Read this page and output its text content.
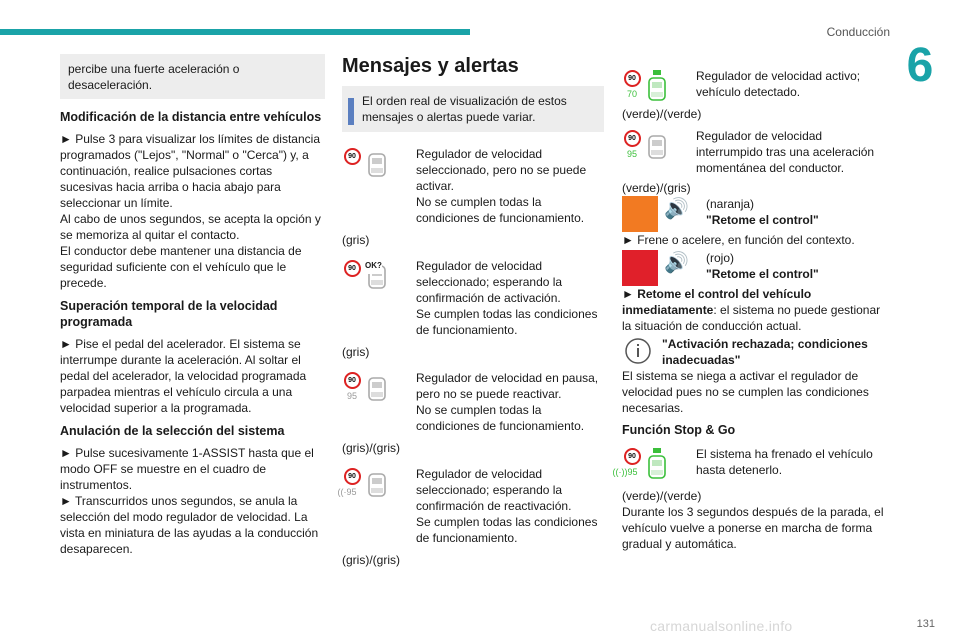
Conducción
6
percibe una fuerte aceleración o desaceleración.
Modificación de la distancia entre vehículos
► Pulse 3 para visualizar los límites de distancia programados ("Lejos", "Normal" o "Cerca") y, a continuación, realice pulsaciones cortas sucesivas hacia arriba o hacia abajo para seleccionar un límite.
Al cabo de unos segundos, se acepta la opción y se memoriza al quitar el contacto.
El conductor debe mantener una distancia de seguridad suficiente con el vehículo que le precede.
Superación temporal de la velocidad programada
► Pise el pedal del acelerador. El sistema se interrumpe durante la aceleración. Al soltar el pedal del acelerador, la velocidad programada parpadea mientras el vehículo circula a una velocidad superior a la programada.
Anulación de la selección del sistema
► Pulse sucesivamente 1-ASSIST hasta que el modo OFF se muestre en el cuadro de instrumentos.
► Transcurridos unos segundos, se anula la selección del modo regulador de velocidad. La vista en miniatura de las ayudas a la conducción desaparecen.
Mensajes y alertas
El orden real de visualización de estos mensajes o alertas puede variar.
90	Regulador de velocidad seleccionado, pero no se puede activar.
No se cumplen todas la condiciones de funcionamiento.
(gris)
90	OK?	Regulador de velocidad seleccionado; esperando la confirmación de activación.
Se cumplen todas las condiciones de funcionamiento.
(gris)
90
95
Regulador de velocidad en pausa, pero no se puede reactivar.
No se cumplen todas la condiciones de funcionamiento.
(gris)/(gris)
90
((·95
Regulador de velocidad seleccionado; esperando la confirmación de reactivación.
Se cumplen todas las condiciones de funcionamiento.
(gris)/(gris)
90
70
Regulador de velocidad activo; vehículo detectado.
(verde)/(verde)
90
95
Regulador de velocidad interrumpido tras una aceleración momentánea del conductor.
(verde)/(gris)
🔊 (naranja)
"Retome el control"
► Frene o acelere, en función del contexto.
🔊 (rojo)
"Retome el control"
► Retome el control del vehículo inmediatamente: el sistema no puede gestionar la situación de conducción actual.
"Activación rechazada; condiciones inadecuadas"
El sistema se niega a activar el regulador de velocidad pues no se cumplen las condiciones necesarias.
Función Stop & Go
90
((·))95
El sistema ha frenado el vehículo hasta detenerlo.
(verde)/(verde)
Durante los 3 segundos después de la parada, el vehículo vuelve a ponerse en marcha de forma gradual y automática.
carmanualsonline.info	131
